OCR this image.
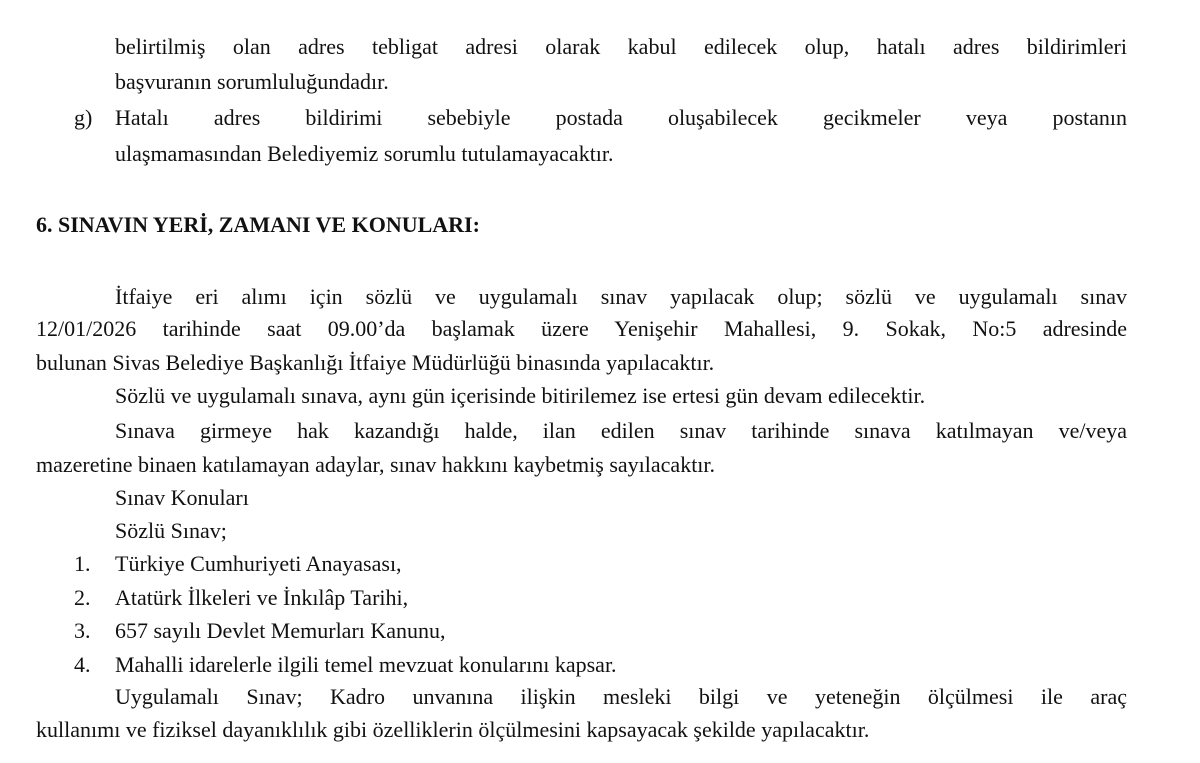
belirtilmiş olan adres tebligat adresi olarak kabul edilecek olup, hatalı adres bildirimleri
başvuranın sorumluluğundadır.
g) Hatalı adres bildirimi sebebiyle postada oluşabilecek gecikmeler veya postanın
ulaşmamasından Belediyemiz sorumlu tutulamayacaktır.
6. SINAVIN YERİ, ZAMANI VE KONULARI:
İtfaiye eri alımı için sözlü ve uygulamalı sınav yapılacak olup; sözlü ve uygulamalı sınav
12/01/2026 tarihinde saat 09.00’da başlamak üzere Yenişehir Mahallesi, 9. Sokak, No:5 adresinde
bulunan Sivas Belediye Başkanlığı İtfaiye Müdürlüğü binasında yapılacaktır.
Sözlü ve uygulamalı sınava, aynı gün içerisinde bitirilemez ise ertesi gün devam edilecektir.
Sınava girmeye hak kazandığı halde, ilan edilen sınav tarihinde sınava katılmayan ve/veya
mazeretine binaen katılamayan adaylar, sınav hakkını kaybetmiş sayılacaktır.
Sınav Konuları
Sözlü Sınav;
1. Türkiye Cumhuriyeti Anayasası,
2. Atatürk İlkeleri ve İnkılâp Tarihi,
3. 657 sayılı Devlet Memurları Kanunu,
4. Mahalli idarelerle ilgili temel mevzuat konularını kapsar.
Uygulamalı Sınav; Kadro unvanına ilişkin mesleki bilgi ve yeteneğin ölçülmesi ile araç
kullanımı ve fiziksel dayanıklılık gibi özelliklerin ölçülmesini kapsayacak şekilde yapılacaktır.
